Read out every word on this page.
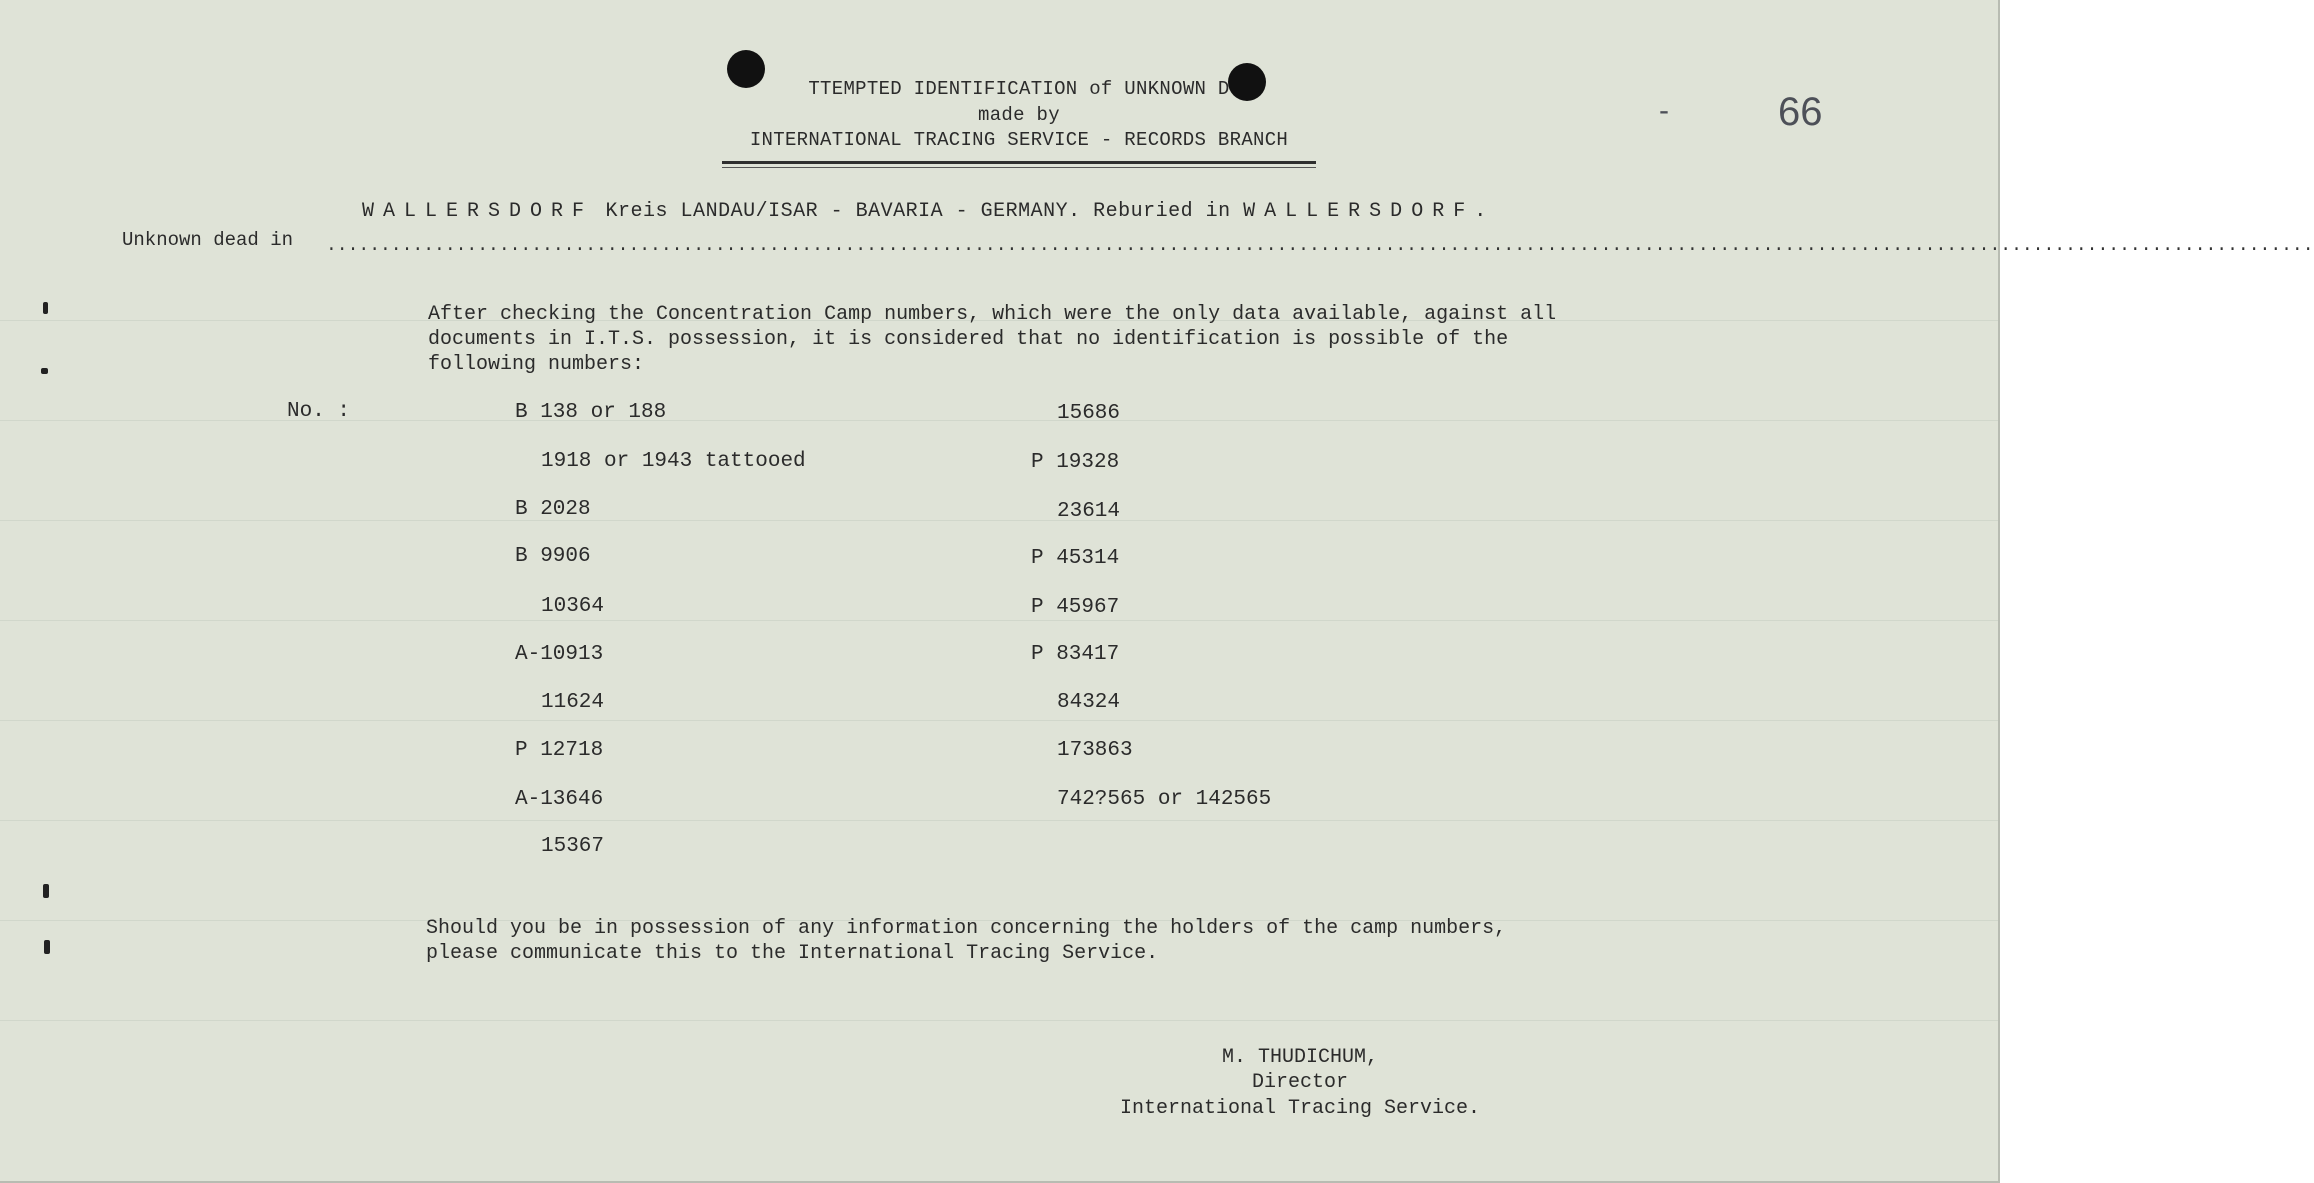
TTEMPTED IDENTIFICATION of UNKNOWN D
made by
INTERNATIONAL TRACING SERVICE - RECORDS BRANCH
-	66
WALLERSDORF Kreis LANDAU/ISAR - BAVARIA - GERMANY. Reburied in WALLERSDORF.
Unknown dead in ........................................................................................................................................................................................
After checking the Concentration Camp numbers, which were the only data available, against all
documents in I.T.S. possession, it is considered that no identification is possible of the
following numbers:
No. :	B 138 or 188
1918 or 1943 tattooed
B 2028
B 9906
10364
A-10913
11624
P 12718
A-13646
15367
15686
P 19328
23614
P 45314
P 45967
P 83417
84324
173863
742?565 or 142565
Should you be in possession of any information concerning the holders of the camp numbers,
please communicate this to the International Tracing Service.
M. THUDICHUM,
Director
International Tracing Service.
